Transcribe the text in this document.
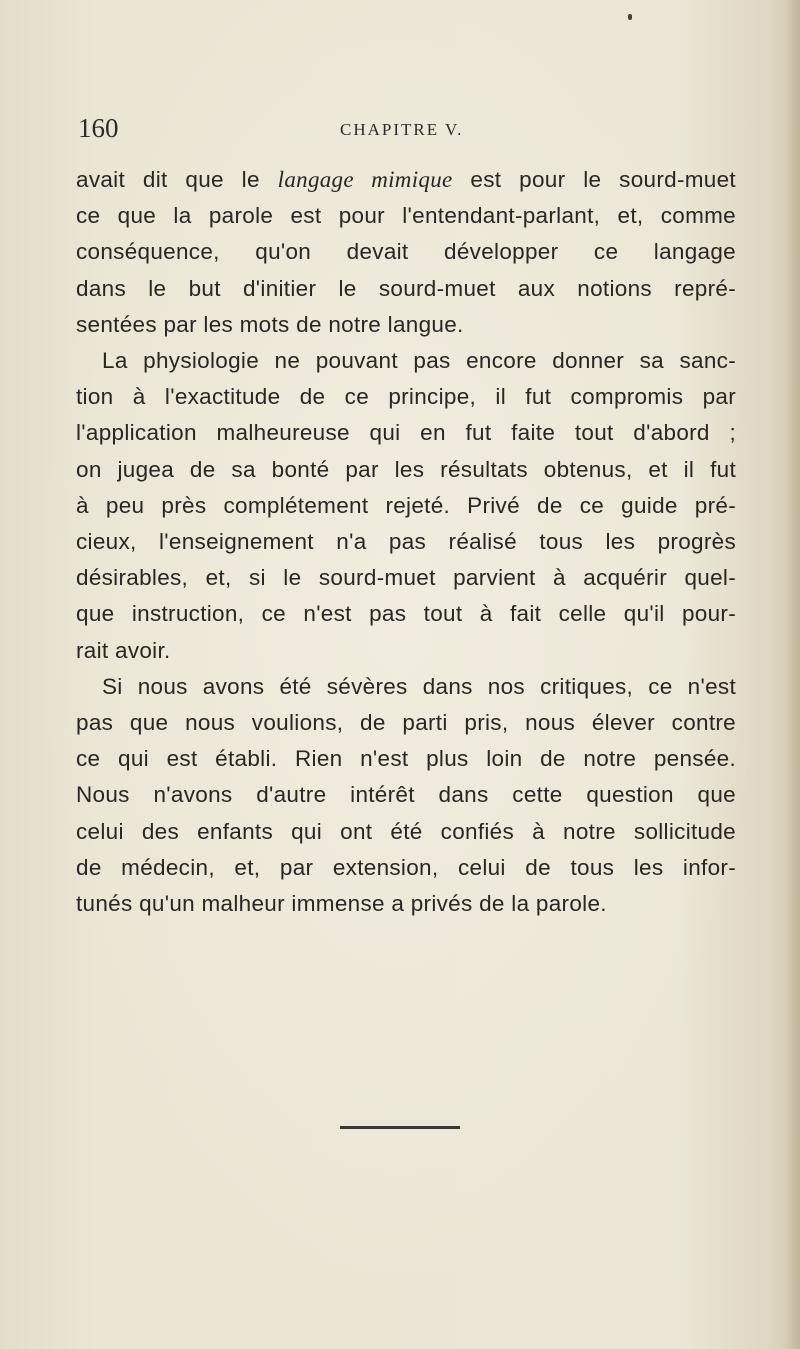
160	CHAPITRE V.
avait dit que le langage mimique est pour le sourd-muet
ce que la parole est pour l'entendant-parlant, et, comme
conséquence, qu'on devait développer ce langage
dans le but d'initier le sourd-muet aux notions repré-
sentées par les mots de notre langue.
La physiologie ne pouvant pas encore donner sa sanc-
tion à l'exactitude de ce principe, il fut compromis par
l'application malheureuse qui en fut faite tout d'abord ;
on jugea de sa bonté par les résultats obtenus, et il fut
à peu près complétement rejeté. Privé de ce guide pré-
cieux, l'enseignement n'a pas réalisé tous les progrès
désirables, et, si le sourd-muet parvient à acquérir quel-
que instruction, ce n'est pas tout à fait celle qu'il pour-
rait avoir.
Si nous avons été sévères dans nos critiques, ce n'est
pas que nous voulions, de parti pris, nous élever contre
ce qui est établi. Rien n'est plus loin de notre pensée.
Nous n'avons d'autre intérêt dans cette question que
celui des enfants qui ont été confiés à notre sollicitude
de médecin, et, par extension, celui de tous les infor-
tunés qu'un malheur immense a privés de la parole.
